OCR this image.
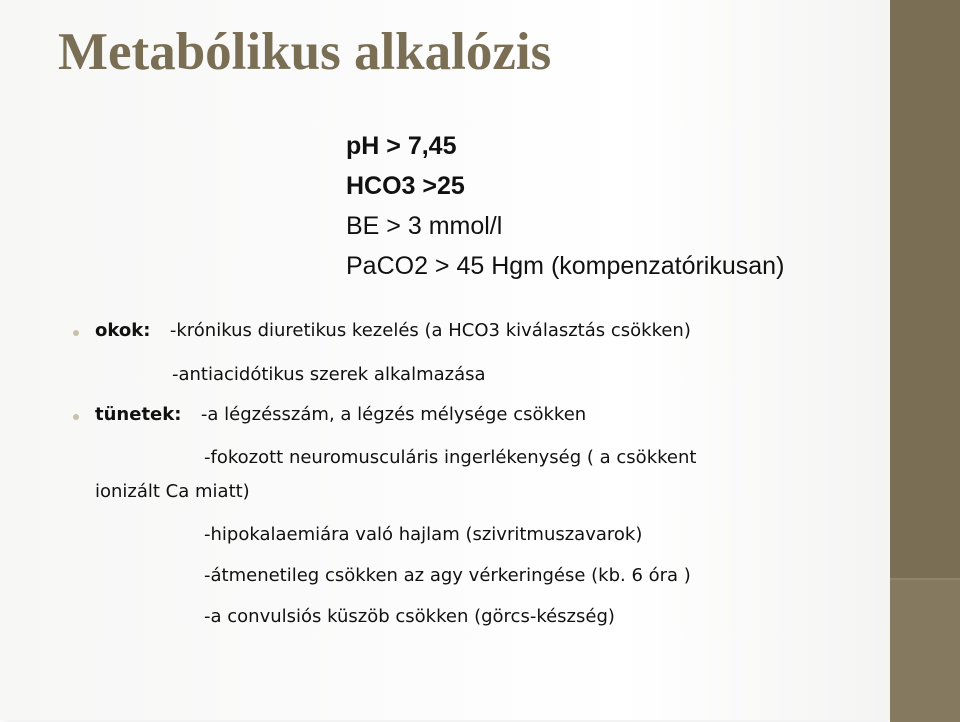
Metabólikus alkalózis
pH > 7,45
HCO3 >25
BE > 3 mmol/l
PaCO2 > 45 Hgm (kompenzatórikusan)
okok: -krónikus diuretikus kezelés (a HCO3 kiválasztás csökken)
-antiacidótikus szerek alkalmazása
tünetek: -a légzésszám, a légzés mélysége csökken
-fokozott neuromusculáris ingerlékenység ( a csökkent
ionizált Ca miatt)
-hipokalaemiára való hajlam (szivritmuszavarok)
-átmenetileg csökken az agy vérkeringése (kb. 6 óra )
-a convulsiós küszöb csökken (görcs-készség)
